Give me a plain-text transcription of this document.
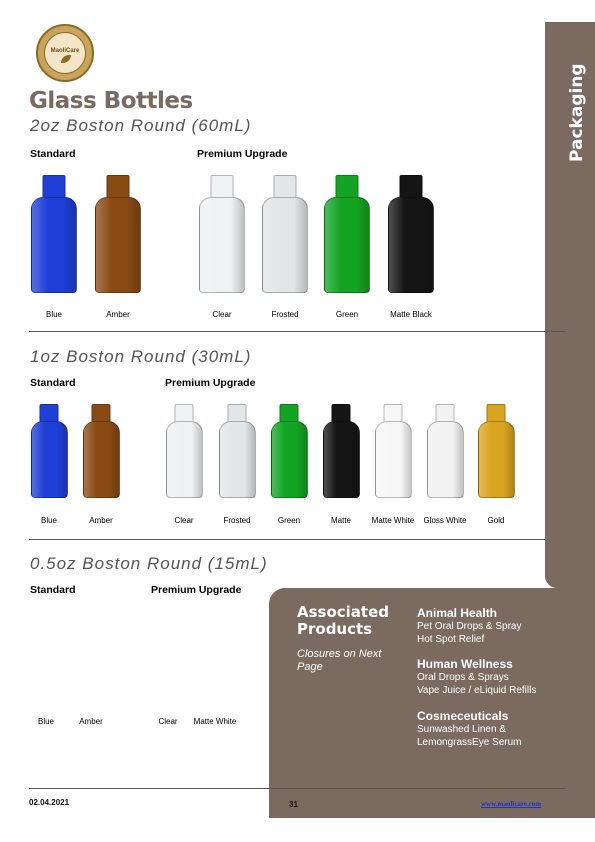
MaoliCare
Glass Bottles	Packaging
2oz Boston Round (60mL)
Standard	Premium Upgrade
Blue	Amber	Clear	Frosted	Green	Matte Black
1oz Boston Round (30mL)
Standard	Premium Upgrade
Blue	Amber	Clear	Frosted	Green	Matte	Matte White	Gloss White	Gold
0.5oz Boston Round (15mL)
Standard	Premium Upgrade
Blue	Amber	Clear	Matte White
Associated Products
Closures on Next Page
Animal Health
Pet Oral Drops & Spray
Hot Spot Relief
Human Wellness
Oral Drops & Sprays
Vape Juice / eLiquid Refills
Cosmeceuticals
Sunwashed Linen &
LemongrassEye Serum
02.04.2021	31	www.maolicare.com
